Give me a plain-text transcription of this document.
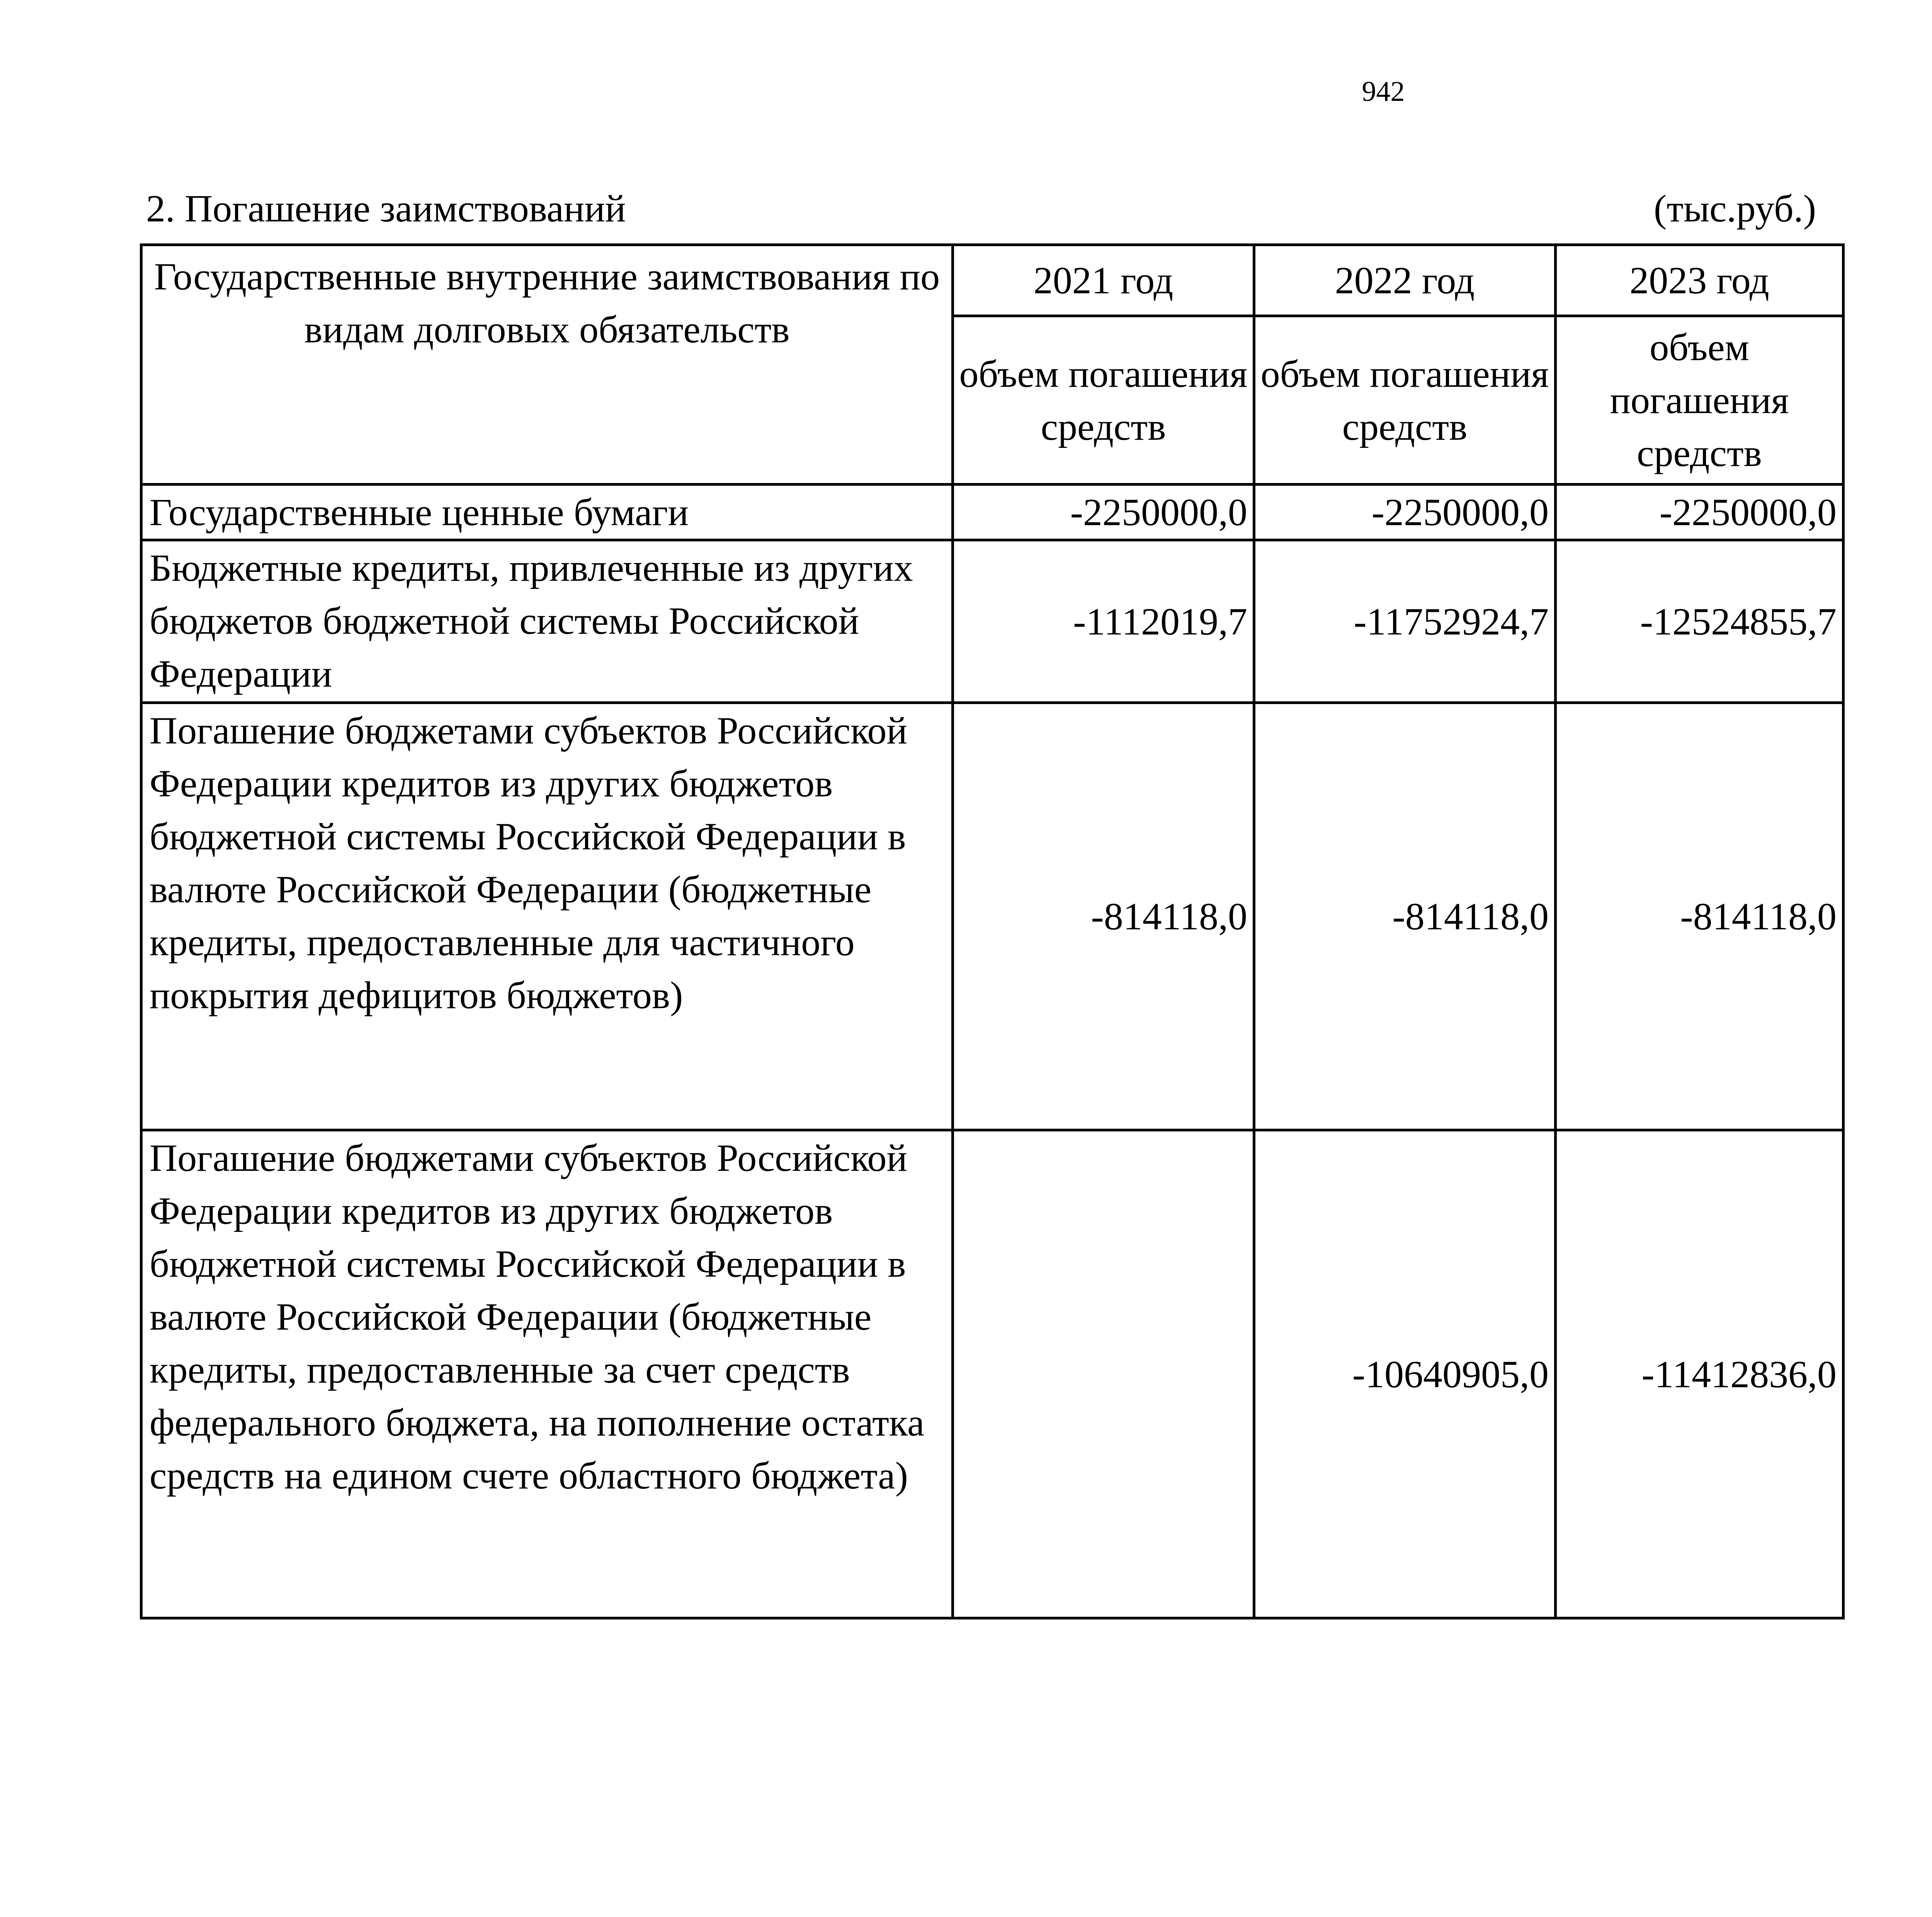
942
2. Погашение заимствований	(тыс.руб.)
Государственные внутренние заимствования по видам долговых обязательств	2021 год	2022 год	2023 год
	объем погашения средств	объем погашения средств	объем погашения средств
Государственные ценные бумаги	-2250000,0	-2250000,0	-2250000,0
Бюджетные кредиты, привлеченные из других бюджетов бюджетной системы Российской Федерации	-1112019,7	-11752924,7	-12524855,7
Погашение бюджетами субъектов Российской Федерации кредитов из других бюджетов бюджетной системы Российской Федерации в валюте Российской Федерации (бюджетные кредиты, предоставленные для частичного покрытия дефицитов бюджетов)	-814118,0	-814118,0	-814118,0
Погашение бюджетами субъектов Российской Федерации кредитов из других бюджетов бюджетной системы Российской Федерации в валюте Российской Федерации (бюджетные кредиты, предоставленные за счет средств федерального бюджета, на пополнение остатка средств на едином счете областного бюджета)		-10640905,0	-11412836,0
